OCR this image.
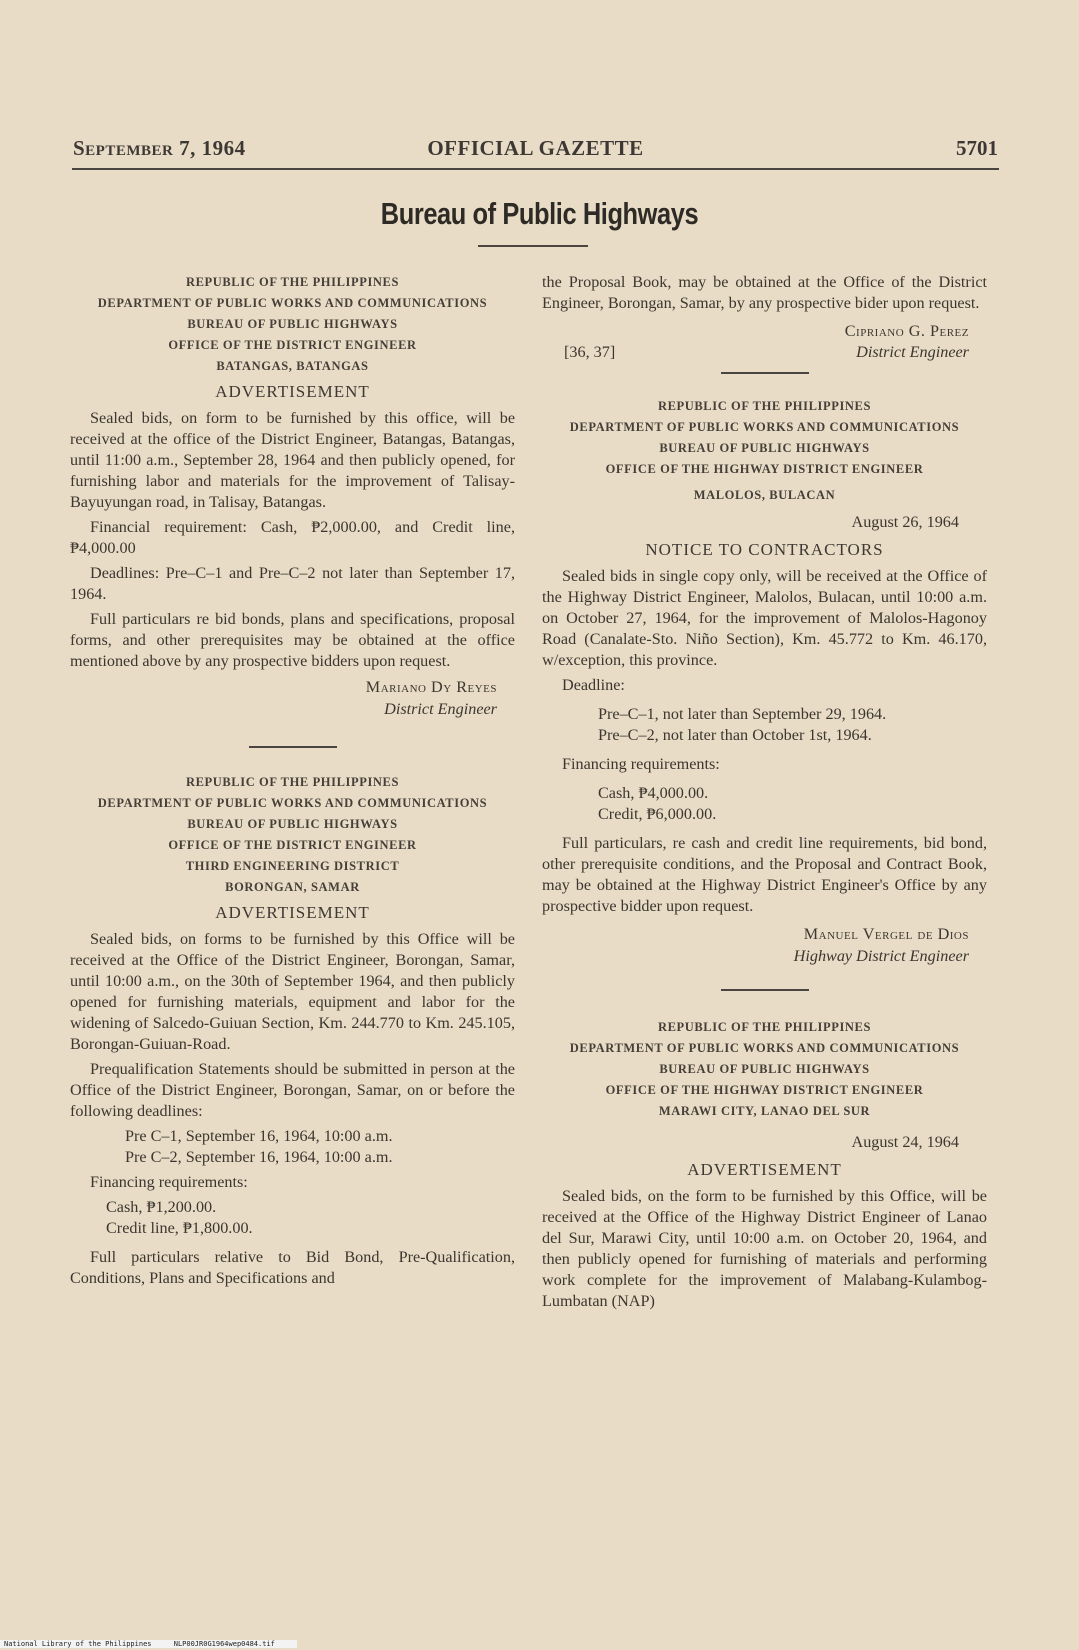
September 7, 1964	OFFICIAL GAZETTE	5701
Bureau of Public Highways
REPUBLIC OF THE PHILIPPINES
DEPARTMENT OF PUBLIC WORKS AND COMMUNICATIONS
BUREAU OF PUBLIC HIGHWAYS
OFFICE OF THE DISTRICT ENGINEER
BATANGAS, BATANGAS
ADVERTISEMENT

Sealed bids, on form to be furnished by this office, will be received at the office of the District Engineer, Batangas, Batangas, until 11:00 a.m., September 28, 1964 and then publicly opened, for furnishing labor and materials for the improvement of Talisay-Bayuyungan road, in Talisay, Batangas.

Financial requirement: Cash, ₱2,000.00, and Credit line, ₱4,000.00

Deadlines: Pre–C–1 and Pre–C–2 not later than September 17, 1964.

Full particulars re bid bonds, plans and specifications, proposal forms, and other prerequisites may be obtained at the office mentioned above by any prospective bidders upon request.

Mariano Dy Reyes
District Engineer
REPUBLIC OF THE PHILIPPINES
DEPARTMENT OF PUBLIC WORKS AND COMMUNICATIONS
BUREAU OF PUBLIC HIGHWAYS
OFFICE OF THE DISTRICT ENGINEER
THIRD ENGINEERING DISTRICT
BORONGAN, SAMAR
ADVERTISEMENT

Sealed bids, on forms to be furnished by this Office will be received at the Office of the District Engineer, Borongan, Samar, until 10:00 a.m., on the 30th of September 1964, and then publicly opened for furnishing materials, equipment and labor for the widening of Salcedo-Guiuan Section, Km. 244.770 to Km. 245.105, Borongan-Guiuan-Road.

Prequalification Statements should be submitted in person at the Office of the District Engineer, Borongan, Samar, on or before the following deadlines:

Pre C–1, September 16, 1964, 10:00 a.m.
Pre C–2, September 16, 1964, 10:00 a.m.

Financing requirements:

Cash, ₱1,200.00.
Credit line, ₱1,800.00.

Full particulars relative to Bid Bond, Pre-Qualification, Conditions, Plans and Specifications and

the Proposal Book, may be obtained at the Office of the District Engineer, Borongan, Samar, by any prospective bider upon request.

Cipriano G. Perez
[36, 37]	District Engineer
REPUBLIC OF THE PHILIPPINES
DEPARTMENT OF PUBLIC WORKS AND COMMUNICATIONS
BUREAU OF PUBLIC HIGHWAYS
OFFICE OF THE HIGHWAY DISTRICT ENGINEER
MALOLOS, BULACAN
August 26, 1964
NOTICE TO CONTRACTORS

Sealed bids in single copy only, will be received at the Office of the Highway District Engineer, Malolos, Bulacan, until 10:00 a.m. on October 27, 1964, for the improvement of Malolos-Hagonoy Road (Canalate-Sto. Niño Section), Km. 45.772 to Km. 46.170, w/exception, this province.

Deadline:

Pre–C–1, not later than September 29, 1964.
Pre–C–2, not later than October 1st, 1964.

Financing requirements:

Cash, ₱4,000.00.
Credit, ₱6,000.00.

Full particulars, re cash and credit line requirements, bid bond, other prerequisite conditions, and the Proposal and Contract Book, may be obtained at the Highway District Engineer's Office by any prospective bidder upon request.

Manuel Vergel de Dios
Highway District Engineer
REPUBLIC OF THE PHILIPPINES
DEPARTMENT OF PUBLIC WORKS AND COMMUNICATIONS
BUREAU OF PUBLIC HIGHWAYS
OFFICE OF THE HIGHWAY DISTRICT ENGINEER
MARAWI CITY, LANAO DEL SUR
August 24, 1964
ADVERTISEMENT

Sealed bids, on the form to be furnished by this Office, will be received at the Office of the Highway District Engineer of Lanao del Sur, Marawi City, until 10:00 a.m. on October 20, 1964, and then publicly opened for furnishing of materials and performing work complete for the improvement of Malabang-Kulambog-Lumbatan (NAP)

National Library of the Philippines	NLP00JR0G1964wep0484.tif
